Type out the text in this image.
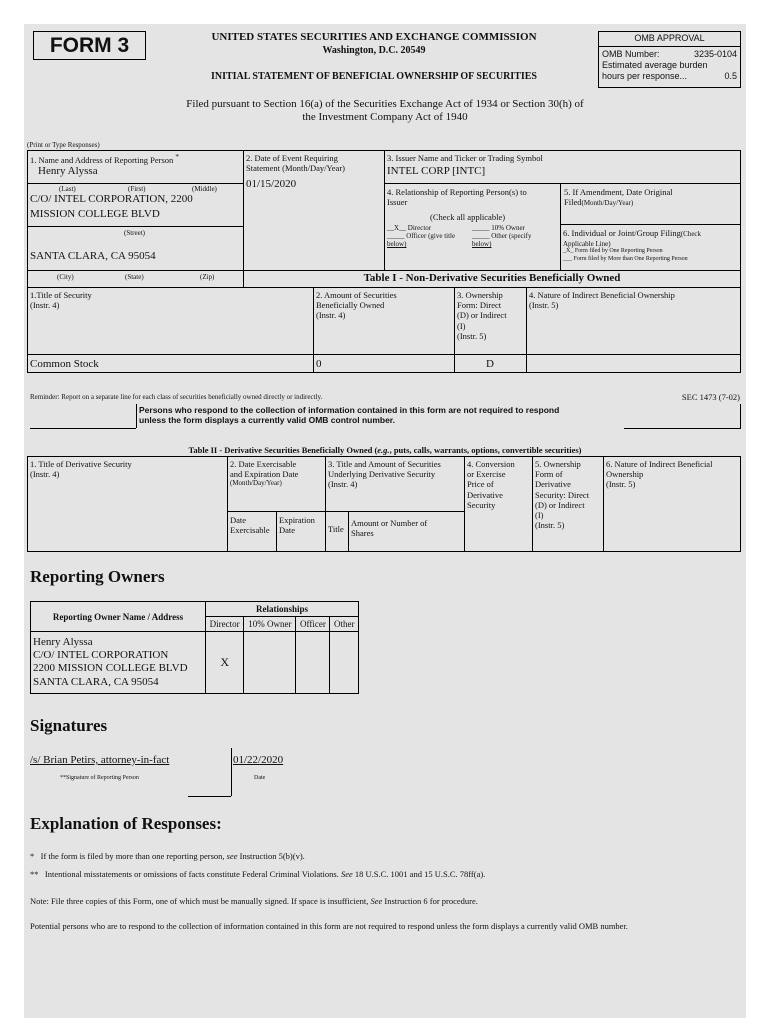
FORM 3	UNITED STATES SECURITIES AND EXCHANGE COMMISSION
Washington, D.C. 20549
OMB APPROVAL
OMB Number:	3235-0104
Estimated average burden
hours per response...	0.5
INITIAL STATEMENT OF BENEFICIAL OWNERSHIP OF SECURITIES
Filed pursuant to Section 16(a) of the Securities Exchange Act of 1934 or Section 30(h) of
the Investment Company Act of 1940
(Print or Type Responses)
1. Name and Address of Reporting Person *
Henry Alyssa
(Last)	(First)	(Middle)
C/O/ INTEL CORPORATION, 2200
MISSION COLLEGE BLVD
(Street)
SANTA CLARA, CA 95054
(City)	(State)	(Zip)
2. Date of Event Requiring
Statement (Month/Day/Year)
01/15/2020
3. Issuer Name and Ticker or Trading Symbol
INTEL CORP [INTC]
4. Relationship of Reporting Person(s) to
Issuer
(Check all applicable)
__X__ Director	_____ 10% Owner
_____ Officer (give title _____ Other (specify
below)	below)
5. If Amendment, Date Original
Filed(Month/Day/Year)
6. Individual or Joint/Group Filing(Check
Applicable Line)
_X_ Form filed by One Reporting Person
___ Form filed by More than One Reporting Person
Table I - Non-Derivative Securities Beneficially Owned
1.Title of Security
(Instr. 4)
2. Amount of Securities
Beneficially Owned
(Instr. 4)
3. Ownership
Form: Direct
(D) or Indirect
(I)
(Instr. 5)
4. Nature of Indirect Beneficial Ownership
(Instr. 5)
Common Stock	0	D
Reminder: Report on a separate line for each class of securities beneficially owned directly or indirectly.	SEC 1473 (7-02)
Persons who respond to the collection of information contained in this form are not required to respond
unless the form displays a currently valid OMB control number.
Table II - Derivative Securities Beneficially Owned (e.g., puts, calls, warrants, options, convertible securities)
1. Title of Derivative Security
(Instr. 4)
2. Date Exercisable
and Expiration Date
(Month/Day/Year)
Date
Exercisable
Expiration
Date
3. Title and Amount of Securities
Underlying Derivative Security
(Instr. 4)
Title
Amount or Number of
Shares
4. Conversion
or Exercise
Price of
Derivative
Security
5. Ownership
Form of
Derivative
Security: Direct
(D) or Indirect
(I)
(Instr. 5)
6. Nature of Indirect Beneficial
Ownership
(Instr. 5)
Reporting Owners
Reporting Owner Name / Address	Relationships			
	Director	10% Owner	Officer	Other

Henry Alyssa
C/O/ INTEL CORPORATION
2200 MISSION COLLEGE BLVD
SANTA CLARA, CA 95054	X			
Signatures
/s/ Brian Petirs, attorney-in-fact
**Signature of Reporting Person
01/22/2020
Date
Explanation of Responses:
* If the form is filed by more than one reporting person, see Instruction 5(b)(v).
** Intentional misstatements or omissions of facts constitute Federal Criminal Violations. See 18 U.S.C. 1001 and 15 U.S.C. 78ff(a).
Note: File three copies of this Form, one of which must be manually signed. If space is insufficient, See Instruction 6 for procedure.
Potential persons who are to respond to the collection of information contained in this form are not required to respond unless the form displays a currently valid OMB number.
